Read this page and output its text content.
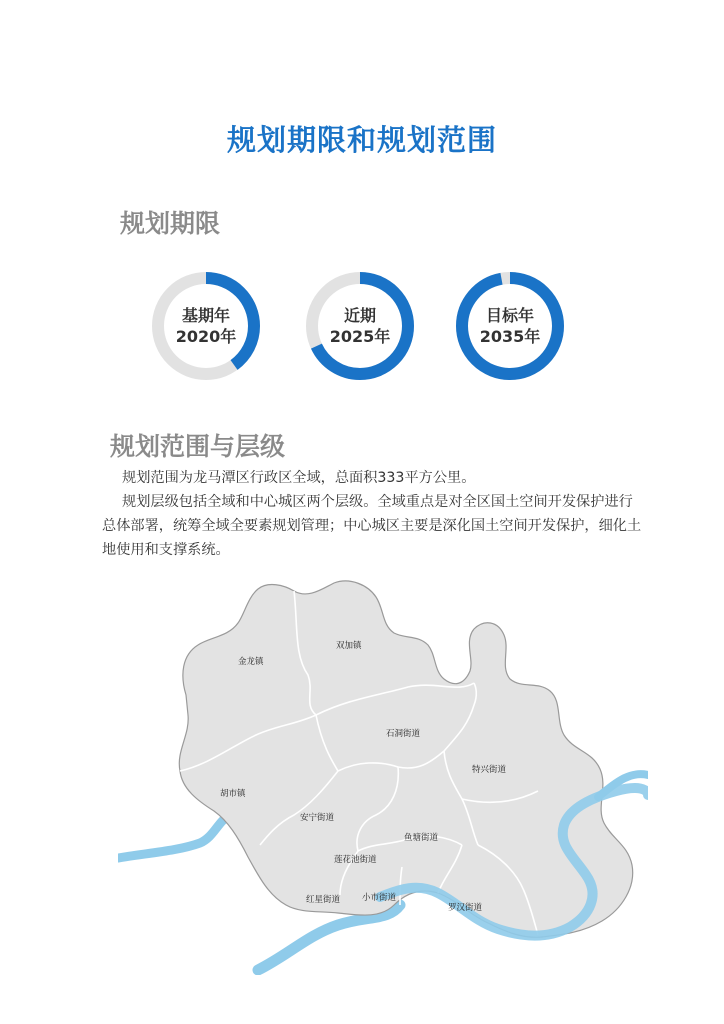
规划期限和规划范围
规划期限
基期年
2020年
近期
2025年
目标年
2035年
规划范围与层级

规划范围为龙马潭区行政区全域，总面积333平方公里。

规划层级包括全域和中心城区两个层级。全域重点是对全区国土空间开发保护进行总体部署，统筹全域全要素规划管理；中心城区主要是深化国土空间开发保护，细化土地使用和支撑系统。

金龙镇
双加镇
石洞街道
特兴街道
胡市镇
安宁街道
鱼塘街道
莲花池街道
红星街道	小市街道
罗汉街道
